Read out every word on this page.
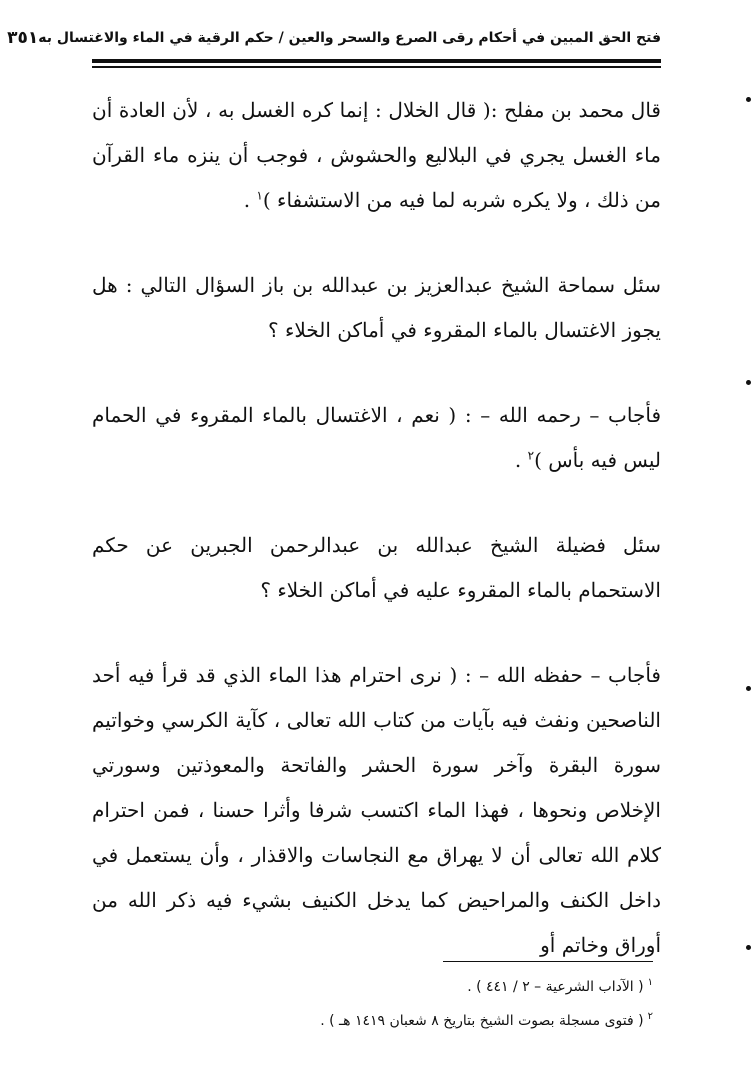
فتح الحق المبين في أحكام رقى الصرع والسحر والعين / حكم الرقية في الماء والاغتسال به
٣٥١

قال محمد بن مفلح :( قال الخلال : إنما كره الغسل به ، لأن العادة أن ماء الغسل يجري في البلاليع والحشوش ، فوجب أن ينزه ماء القرآن من ذلك ، ولا يكره شربه لما فيه من الاستشفاء )$^١$ .

سئل سماحة الشيخ عبدالعزيز بن عبدالله بن باز السؤال التالي : هل يجوز الاغتسال بالماء المقروء في أماكن الخلاء ؟

فأجاب – رحمه الله – : ( نعم ، الاغتسال بالماء المقروء في الحمام ليس فيه بأس )$^٢$ .

سئل فضيلة الشيخ عبدالله بن عبدالرحمن الجبرين عن حكم الاستحمام بالماء المقروء عليه في أماكن الخلاء ؟

فأجاب – حفظه الله – : ( نرى احترام هذا الماء الذي قد قرأ فيه أحد الناصحين ونفث فيه بآيات من كتاب الله تعالى ، كآية الكرسي وخواتيم سورة البقرة وآخر سورة الحشر والفاتحة والمعوذتين وسورتي الإخلاص ونحوها ، فهذا الماء اكتسب شرفا وأثرا حسنا ، فمن احترام كلام الله تعالى أن لا يهراق مع النجاسات والاقذار ، وأن يستعمل في داخل الكنف والمراحيض كما يدخل الكنيف بشيء فيه ذكر الله من أوراق وخاتم أو

$^١$( الآداب الشرعية – ٢ / ٤٤١ ) .

$^٢$( فتوى مسجلة بصوت الشيخ بتاريخ ٨ شعبان ١٤١٩ هـ ) .
